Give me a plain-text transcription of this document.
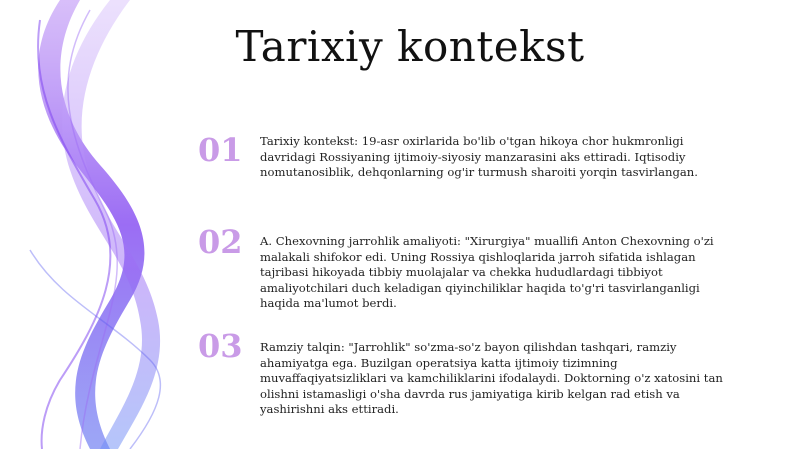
Tarixiy kontekst
01	Tarixiy kontekst: 19-asr oxirlarida bo'lib o'tgan hikoya chor hukmronligi davridagi Rossiyaning ijtimoiy-siyosiy manzarasini aks ettiradi. Iqtisodiy nomutanosiblik, dehqonlarning og'ir turmush sharoiti yorqin tasvirlangan.
02	A. Chexovning jarrohlik amaliyoti: "Xirurgiya" muallifi Anton Chexovning o'zi malakali shifokor edi. Uning Rossiya qishloqlarida jarroh sifatida ishlagan tajribasi hikoyada tibbiy muolajalar va chekka hududlardagi tibbiyot amaliyotchilari duch keladigan qiyinchiliklar haqida to'g'ri tasvirlanganligi haqida ma'lumot berdi.
03	Ramziy talqin: "Jarrohlik" so'zma-so'z bayon qilishdan tashqari, ramziy ahamiyatga ega. Buzilgan operatsiya katta ijtimoiy tizimning muvaffaqiyatsizliklari va kamchiliklarini ifodalaydi. Doktorning o'z xatosini tan olishni istamasligi o'sha davrda rus jamiyatiga kirib kelgan rad etish va yashirishni aks ettiradi.
